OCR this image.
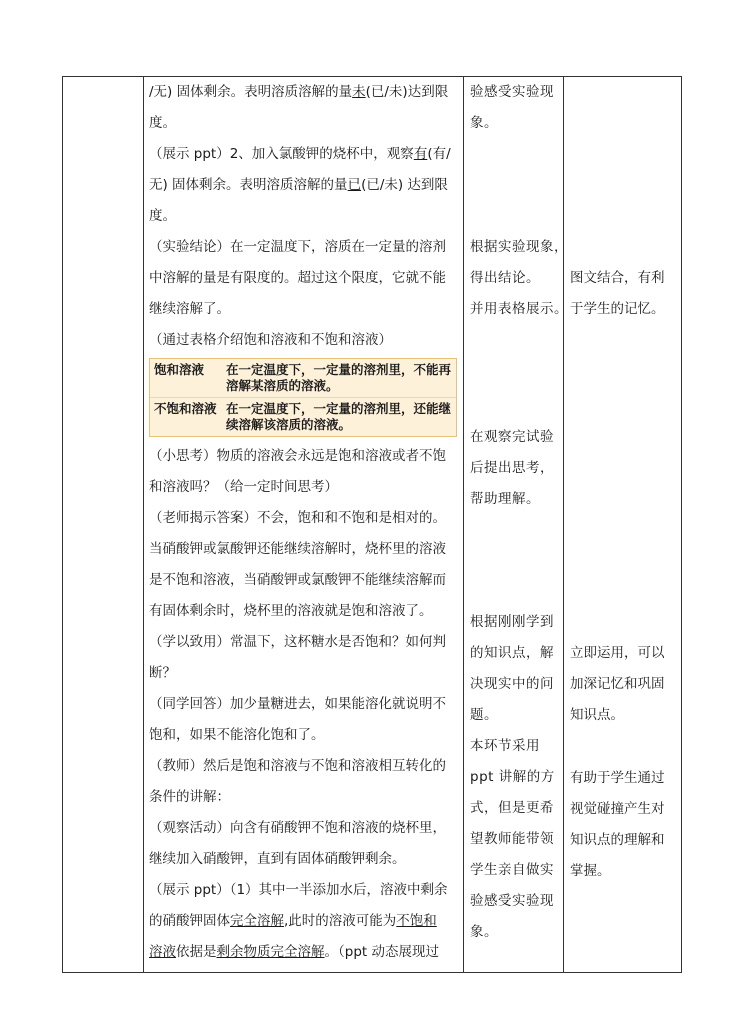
/无) 固体剩余。表明溶质溶解的量未(已/未)达到限

度。

（展示 ppt）2、加入氯酸钾的烧杯中，观察有(有/

无) 固体剩余。表明溶质溶解的量已(已/未) 达到限

度。

（实验结论）在一定温度下，溶质在一定量的溶剂

中溶解的量是有限度的。超过这个限度，它就不能

继续溶解了。

（通过表格介绍饱和溶液和不饱和溶液）

饱和溶液	在一定温度下，一定量的溶剂里，不能再溶解某溶质的溶液。
不饱和溶液 在一定温度下，一定量的溶剂里，还能继续溶解该溶质的溶液。

（小思考）物质的溶液会永远是饱和溶液或者不饱

和溶液吗？（给一定时间思考）

（老师揭示答案）不会，饱和和不饱和是相对的。

当硝酸钾或氯酸钾还能继续溶解时，烧杯里的溶液

是不饱和溶液，当硝酸钾或氯酸钾不能继续溶解而

有固体剩余时，烧杯里的溶液就是饱和溶液了。

（学以致用）常温下，这杯糖水是否饱和？如何判

断？

（同学回答）加少量糖进去，如果能溶化就说明不

饱和，如果不能溶化饱和了。

（教师）然后是饱和溶液与不饱和溶液相互转化的

条件的讲解：

（观察活动）向含有硝酸钾不饱和溶液的烧杯里，

继续加入硝酸钾，直到有固体硝酸钾剩余。

（展示 ppt）（1）其中一半添加水后，溶液中剩余

的硝酸钾固体完全溶解,此时的溶液可能为不饱和

溶液依据是剩余物质完全溶解。（ppt 动态展现过

验感受实验现

象。

根据实验现象，

得出结论。

并用表格展示。

在观察完试验

后提出思考，

帮助理解。

根据刚刚学到

的知识点，解

决现实中的问

题。

本环节采用

ppt 讲解的方

式，但是更希

望教师能带领

学生亲自做实

验感受实验现

象。

图文结合，有利

于学生的记忆。

立即运用，可以

加深记忆和巩固

知识点。

有助于学生通过

视觉碰撞产生对

知识点的理解和

掌握。
